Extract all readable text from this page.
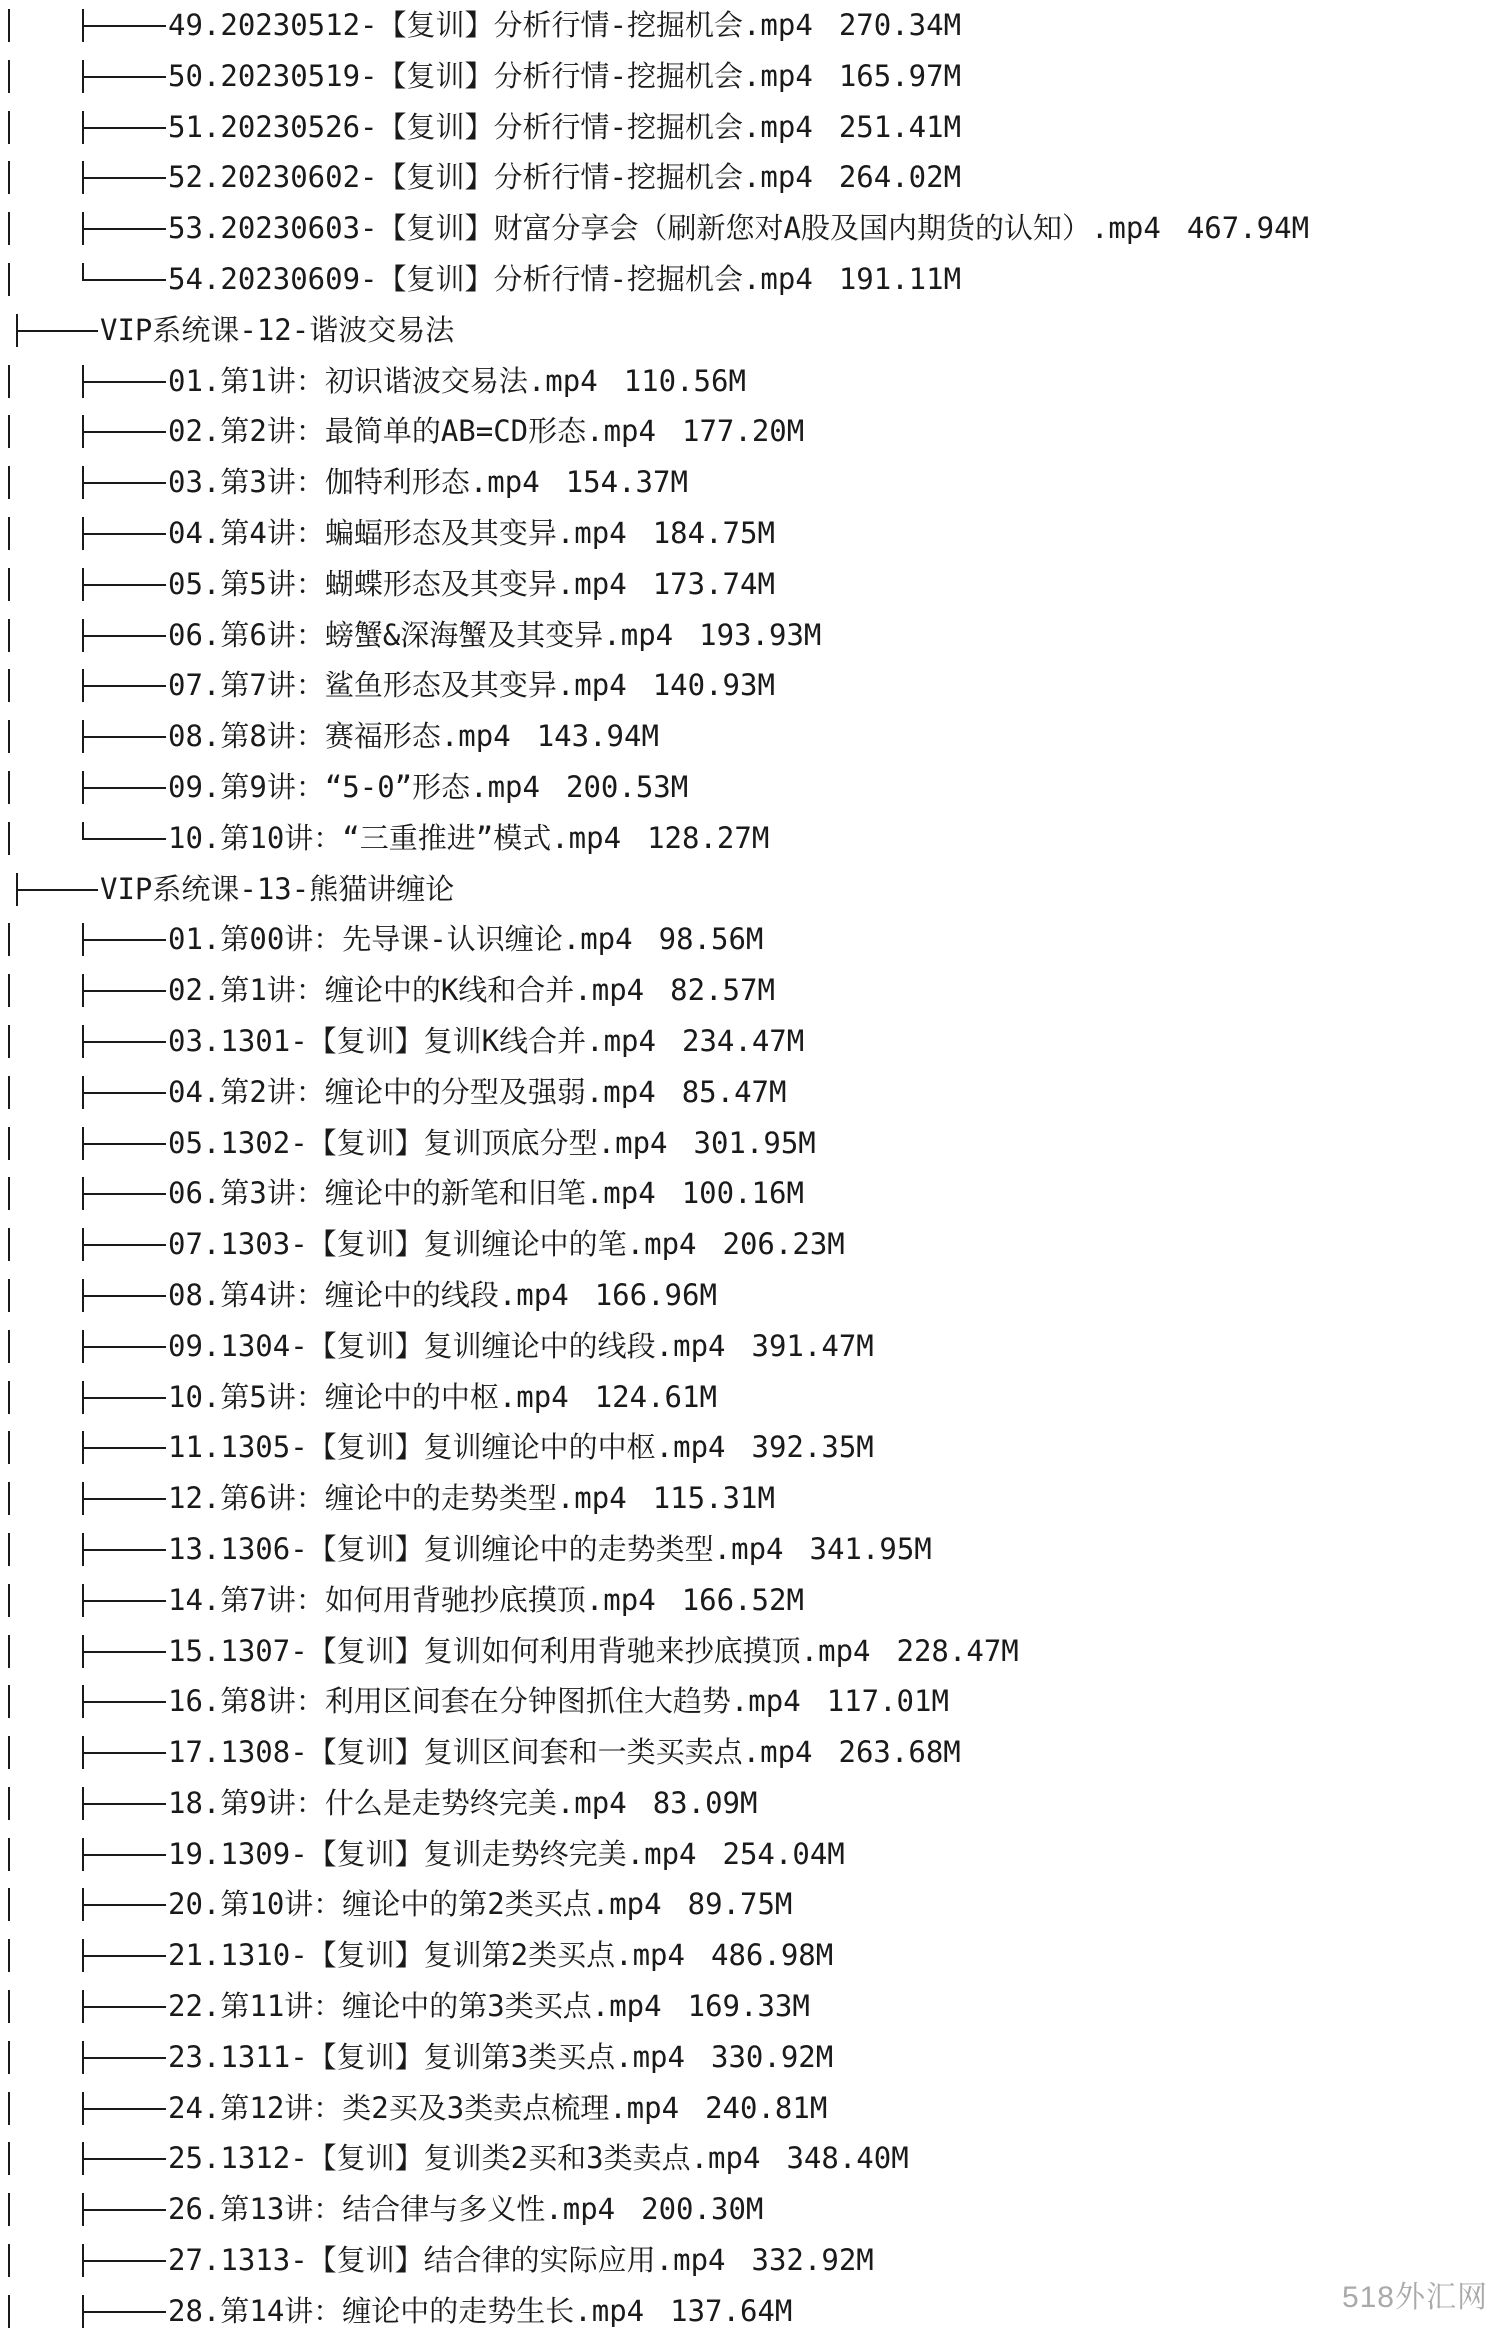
49.20230512-【复训】分析行情-挖掘机会.mp4 270.34M
50.20230519-【复训】分析行情-挖掘机会.mp4 165.97M
51.20230526-【复训】分析行情-挖掘机会.mp4 251.41M
52.20230602-【复训】分析行情-挖掘机会.mp4 264.02M
53.20230603-【复训】财富分享会（刷新您对A股及国内期货的认知）.mp4 467.94M
54.20230609-【复训】分析行情-挖掘机会.mp4 191.11M
VIP系统课-12-谐波交易法
01.第1讲：初识谐波交易法.mp4 110.56M
02.第2讲：最简单的AB=CD形态.mp4 177.20M
03.第3讲：伽特利形态.mp4 154.37M
04.第4讲：蝙蝠形态及其变异.mp4 184.75M
05.第5讲：蝴蝶形态及其变异.mp4 173.74M
06.第6讲：螃蟹&深海蟹及其变异.mp4 193.93M
07.第7讲：鲨鱼形态及其变异.mp4 140.93M
08.第8讲：赛福形态.mp4 143.94M
09.第9讲：“5-0”形态.mp4 200.53M
10.第10讲：“三重推进”模式.mp4 128.27M
VIP系统课-13-熊猫讲缠论
01.第00讲：先导课-认识缠论.mp4 98.56M
02.第1讲：缠论中的K线和合并.mp4 82.57M
03.1301-【复训】复训K线合并.mp4 234.47M
04.第2讲：缠论中的分型及强弱.mp4 85.47M
05.1302-【复训】复训顶底分型.mp4 301.95M
06.第3讲：缠论中的新笔和旧笔.mp4 100.16M
07.1303-【复训】复训缠论中的笔.mp4 206.23M
08.第4讲：缠论中的线段.mp4 166.96M
09.1304-【复训】复训缠论中的线段.mp4 391.47M
10.第5讲：缠论中的中枢.mp4 124.61M
11.1305-【复训】复训缠论中的中枢.mp4 392.35M
12.第6讲：缠论中的走势类型.mp4 115.31M
13.1306-【复训】复训缠论中的走势类型.mp4 341.95M
14.第7讲：如何用背驰抄底摸顶.mp4 166.52M
15.1307-【复训】复训如何利用背驰来抄底摸顶.mp4 228.47M
16.第8讲：利用区间套在分钟图抓住大趋势.mp4 117.01M
17.1308-【复训】复训区间套和一类买卖点.mp4 263.68M
18.第9讲：什么是走势终完美.mp4 83.09M
19.1309-【复训】复训走势终完美.mp4 254.04M
20.第10讲：缠论中的第2类买点.mp4 89.75M
21.1310-【复训】复训第2类买点.mp4 486.98M
22.第11讲：缠论中的第3类买点.mp4 169.33M
23.1311-【复训】复训第3类买点.mp4 330.92M
24.第12讲：类2买及3类卖点梳理.mp4 240.81M
25.1312-【复训】复训类2买和3类卖点.mp4 348.40M
26.第13讲：结合律与多义性.mp4 200.30M
27.1313-【复训】结合律的实际应用.mp4 332.92M
28.第14讲：缠论中的走势生长.mp4 137.64M	518外汇网
